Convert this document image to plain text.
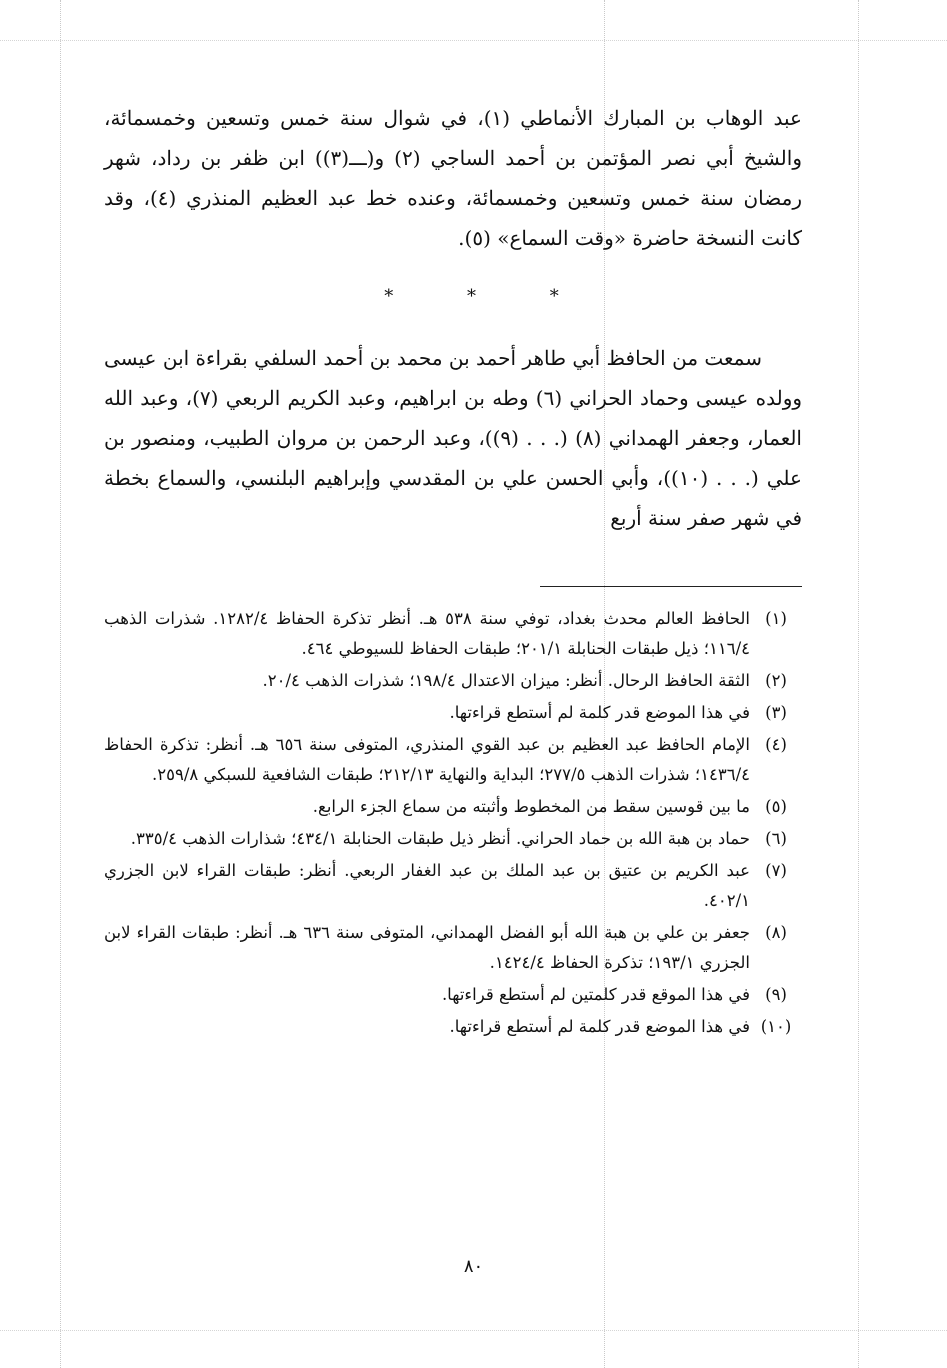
عبد الوهاب بن المبارك الأنماطي (١)، في شوال سنة خمس وتسعين وخمسمائة، والشيخ أبي نصر المؤتمن بن أحمد الساجي (٢) و(ـــ(٣)) ابن ظفر بن رداد، شهر رمضان سنة خمس وتسعين وخمسمائة، وعنده خط عبد العظيم المنذري (٤)، وقد كانت النسخة حاضرة «وقت السماع» (٥).

* * *

سمعت من الحافظ أبي طاهر أحمد بن محمد بن أحمد السلفي بقراءة ابن عيسى وولده عيسى وحماد الحراني (٦) وطه بن ابراهيم، وعبد الكريم الربعي (٧)، وعبد الله العمار، وجعفر الهمداني (٨) (. . . (٩))، وعبد الرحمن بن مروان الطبيب، ومنصور بن علي (. . . (١٠))، وأبي الحسن علي بن المقدسي وإبراهيم البلنسي، والسماع بخطة في شهر صفر سنة أربع

(١)
الحافظ العالم محدث بغداد، توفي سنة ٥٣٨ هـ. أنظر تذكرة الحفاظ ١٢٨٢/٤. شذرات الذهب ١١٦/٤؛ ذيل طبقات الحنابلة ٢٠١/١؛ طبقات الحفاظ للسيوطي ٤٦٤.
(٢)
الثقة الحافظ الرحال. أنظر: ميزان الاعتدال ١٩٨/٤؛ شذرات الذهب ٢٠/٤.
(٣)
في هذا الموضع قدر كلمة لم أستطع قراءتها.
(٤)
الإمام الحافظ عبد العظيم بن عبد القوي المنذري، المتوفى سنة ٦٥٦ هـ. أنظر: تذكرة الحفاظ ١٤٣٦/٤؛ شذرات الذهب ٢٧٧/٥؛ البداية والنهاية ٢١٢/١٣؛ طبقات الشافعية للسبكي ٢٥٩/٨.
(٥)
ما بين قوسين سقط من المخطوط وأثبته من سماع الجزء الرابع.
(٦)
حماد بن هبة الله بن حماد الحراني. أنظر ذيل طبقات الحنابلة ٤٣٤/١؛ شذارات الذهب ٣٣٥/٤.
(٧)
عبد الكريم بن عتيق بن عبد الملك بن عبد الغفار الربعي. أنظر: طبقات القراء لابن الجزري ٤٠٢/١.
(٨)
جعفر بن علي بن هبة الله أبو الفضل الهمداني، المتوفى سنة ٦٣٦ هـ. أنظر: طبقات القراء لابن الجزري ١٩٣/١؛ تذكرة الحفاظ ١٤٢٤/٤.
(٩)
في هذا الموقع قدر كلمتين لم أستطع قراءتها.
(١٠)
في هذا الموضع قدر كلمة لم أستطع قراءتها.
٨٠
